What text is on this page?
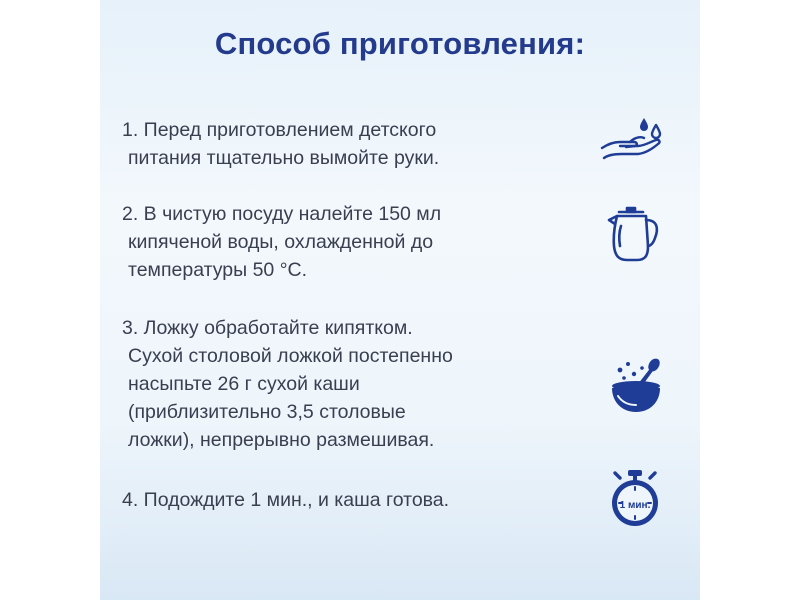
Способ приготовления:
1. Перед приготовлением детского
питания тщательно вымойте руки.
2. В чистую посуду налейте 150 мл
кипяченой воды, охлажденной до
температуры 50 °С.
3. Ложку обработайте кипятком.
Сухой столовой ложкой постепенно
насыпьте 26 г сухой каши
(приблизительно 3,5 столовые
ложки), непрерывно размешивая.
4. Подождите 1 мин., и каша готова.	1 мин.
